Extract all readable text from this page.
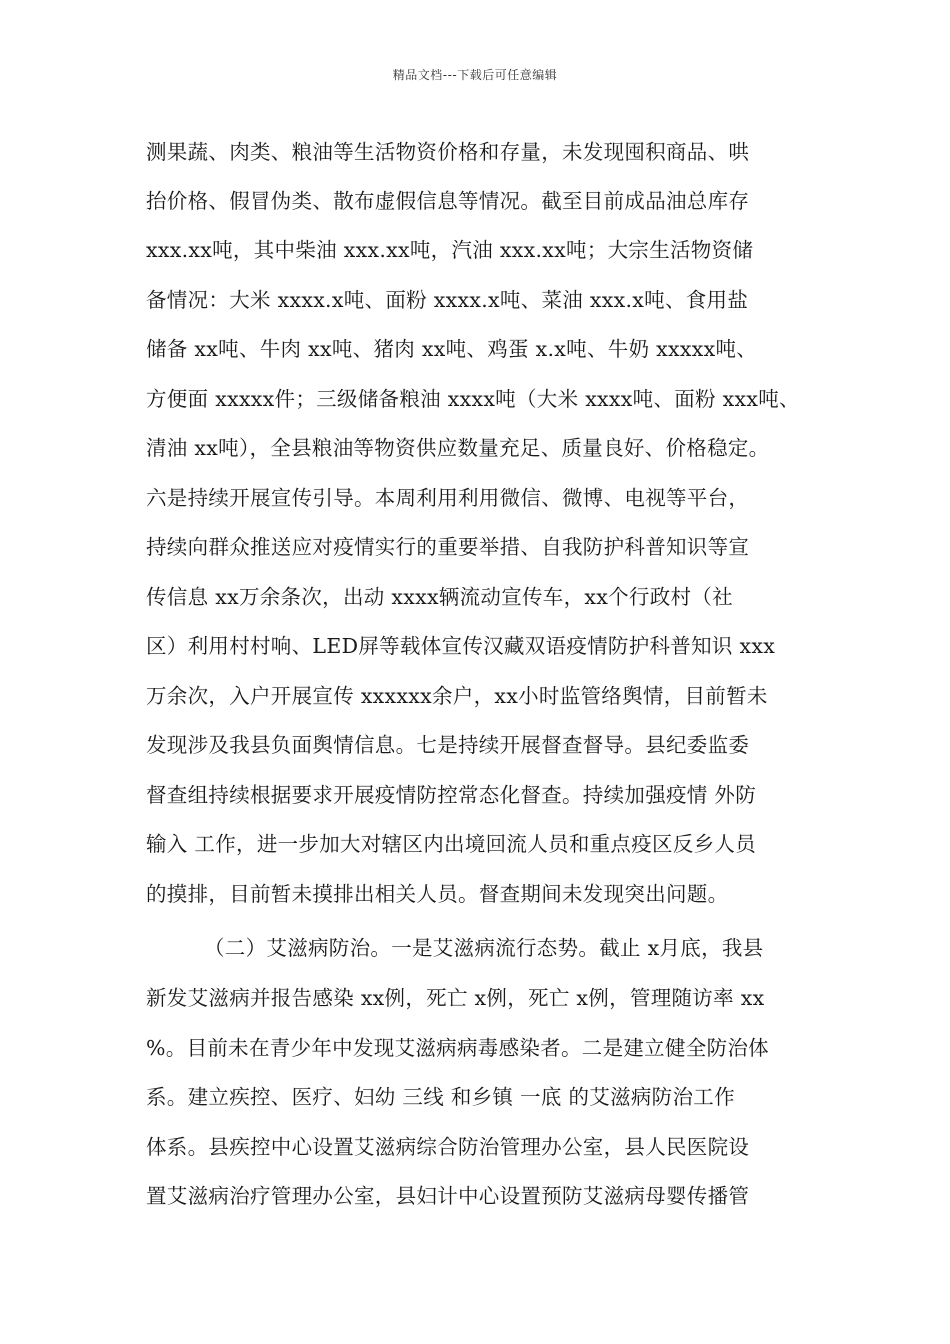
精品文档---下载后可任意编辑
测果蔬、肉类、粮油等生活物资价格和存量，未发现囤积商品、哄
抬价格、假冒伪类、散布虚假信息等情况。截至目前成品油总库存
xxx.xx吨，其中柴油 xxx.xx吨，汽油 xxx.xx吨；大宗生活物资储
备情况：大米 xxxx.x吨、面粉 xxxx.x吨、菜油 xxx.x吨、食用盐
储备 xx吨、牛肉 xx吨、猪肉 xx吨、鸡蛋 x.x吨、牛奶 xxxxx吨、
方便面 xxxxx件；三级储备粮油 xxxx吨（大米 xxxx吨、面粉 xxx吨、
清油 xx吨），全县粮油等物资供应数量充足、质量良好、价格稳定。
六是持续开展宣传引导。本周利用利用微信、微博、电视等平台，
持续向群众推送应对疫情实行的重要举措、自我防护科普知识等宣
传信息 xx万余条次，出动 xxxx辆流动宣传车，xx个行政村（社
区）利用村村响、LED屏等载体宣传汉藏双语疫情防护科普知识 xxx
万余次，入户开展宣传 xxxxxx余户，xx小时监管络舆情，目前暂未
发现涉及我县负面舆情信息。七是持续开展督查督导。县纪委监委
督查组持续根据要求开展疫情防控常态化督查。持续加强疫情 外防
输入 工作，进一步加大对辖区内出境回流人员和重点疫区反乡人员
的摸排，目前暂未摸排出相关人员。督查期间未发现突出问题。
（二）艾滋病防治。一是艾滋病流行态势。截止 x月底，我县
新发艾滋病并报告感染 xx例，死亡 x例，死亡 x例，管理随访率 xx
%。目前未在青少年中发现艾滋病病毒感染者。二是建立健全防治体
系。建立疾控、医疗、妇幼 三线 和乡镇 一底 的艾滋病防治工作
体系。县疾控中心设置艾滋病综合防治管理办公室，县人民医院设
置艾滋病治疗管理办公室，县妇计中心设置预防艾滋病母婴传播管
